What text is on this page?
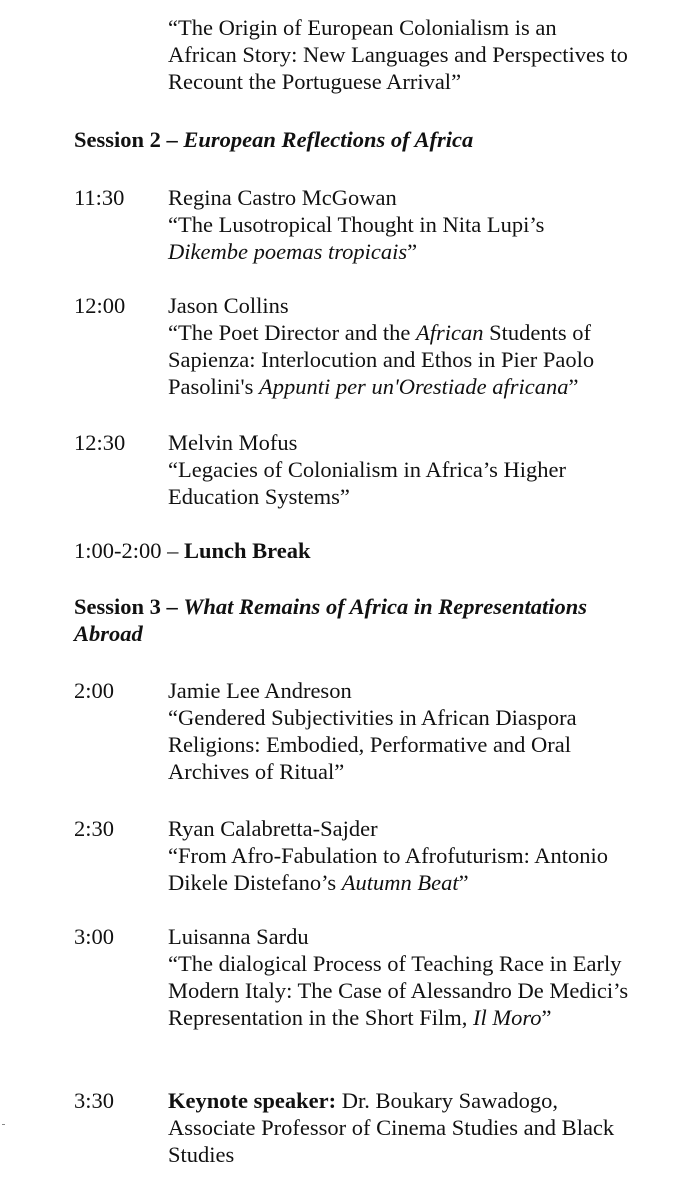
“The Origin of European Colonialism is an
African Story: New Languages and Perspectives to
Recount the Portuguese Arrival”
Session 2 – European Reflections of Africa
11:30	Regina Castro McGowan
“The Lusotropical Thought in Nita Lupi’s
Dikembe poemas tropicais”
12:00	Jason Collins
“The Poet Director and the African Students of
Sapienza: Interlocution and Ethos in Pier Paolo
Pasolini's Appunti per un'Orestiade africana”
12:30	Melvin Mofus
“Legacies of Colonialism in Africa’s Higher
Education Systems”
1:00-2:00 – Lunch Break
Session 3 – What Remains of Africa in Representations
Abroad
2:00	Jamie Lee Andreson
“Gendered Subjectivities in African Diaspora
Religions: Embodied, Performative and Oral
Archives of Ritual”
2:30	Ryan Calabretta-Sajder
“From Afro-Fabulation to Afrofuturism: Antonio
Dikele Distefano’s Autumn Beat”
3:00	Luisanna Sardu
“The dialogical Process of Teaching Race in Early
Modern Italy: The Case of Alessandro De Medici’s
Representation in the Short Film, Il Moro”
3:30	Keynote speaker: Dr. Boukary Sawadogo,
Associate Professor of Cinema Studies and Black
Studies
